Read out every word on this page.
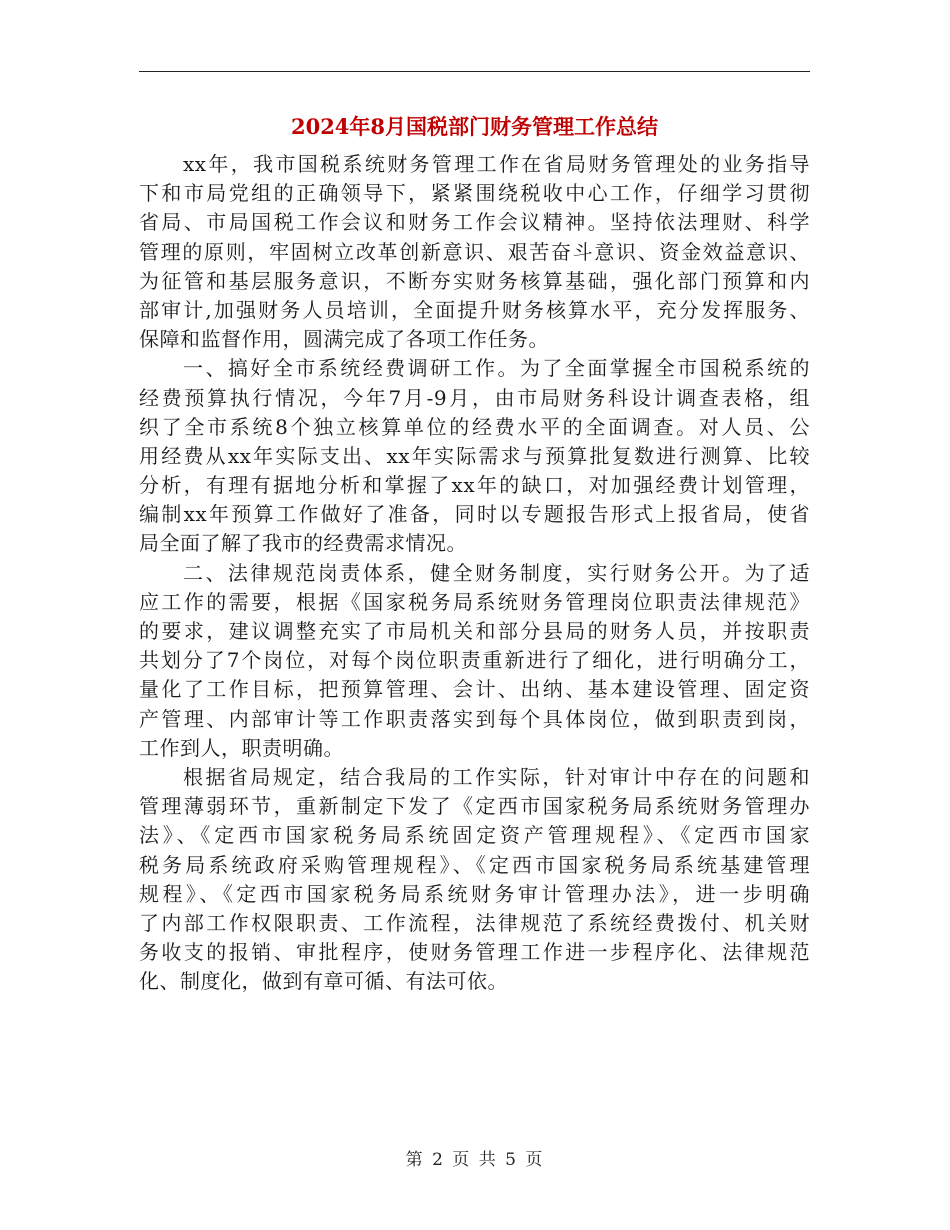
2024年8月国税部门财务管理工作总结
xx年，我市国税系统财务管理工作在省局财务管理处的业务指导
下和市局党组的正确领导下，紧紧围绕税收中心工作，仔细学习贯彻
省局、市局国税工作会议和财务工作会议精神。坚持依法理财、科学
管理的原则，牢固树立改革创新意识、艰苦奋斗意识、资金效益意识、
为征管和基层服务意识，不断夯实财务核算基础，强化部门预算和内
部审计,加强财务人员培训，全面提升财务核算水平，充分发挥服务、
保障和监督作用，圆满完成了各项工作任务。
一、搞好全市系统经费调研工作。为了全面掌握全市国税系统的
经费预算执行情况，今年7月-9月，由市局财务科设计调查表格，组
织了全市系统8个独立核算单位的经费水平的全面调查。对人员、公
用经费从xx年实际支出、xx年实际需求与预算批复数进行测算、比较
分析，有理有据地分析和掌握了xx年的缺口，对加强经费计划管理，
编制xx年预算工作做好了准备，同时以专题报告形式上报省局，使省
局全面了解了我市的经费需求情况。
二、法律规范岗责体系，健全财务制度，实行财务公开。为了适
应工作的需要，根据《国家税务局系统财务管理岗位职责法律规范》
的要求，建议调整充实了市局机关和部分县局的财务人员，并按职责
共划分了7个岗位，对每个岗位职责重新进行了细化，进行明确分工，
量化了工作目标，把预算管理、会计、出纳、基本建设管理、固定资
产管理、内部审计等工作职责落实到每个具体岗位，做到职责到岗，
工作到人，职责明确。
根据省局规定，结合我局的工作实际，针对审计中存在的问题和
管理薄弱环节，重新制定下发了《定西市国家税务局系统财务管理办
法》、《定西市国家税务局系统固定资产管理规程》、《定西市国家
税务局系统政府采购管理规程》、《定西市国家税务局系统基建管理
规程》、《定西市国家税务局系统财务审计管理办法》，进一步明确
了内部工作权限职责、工作流程，法律规范了系统经费拨付、机关财
务收支的报销、审批程序，使财务管理工作进一步程序化、法律规范
化、制度化，做到有章可循、有法可依。
第 2 页 共 5 页
